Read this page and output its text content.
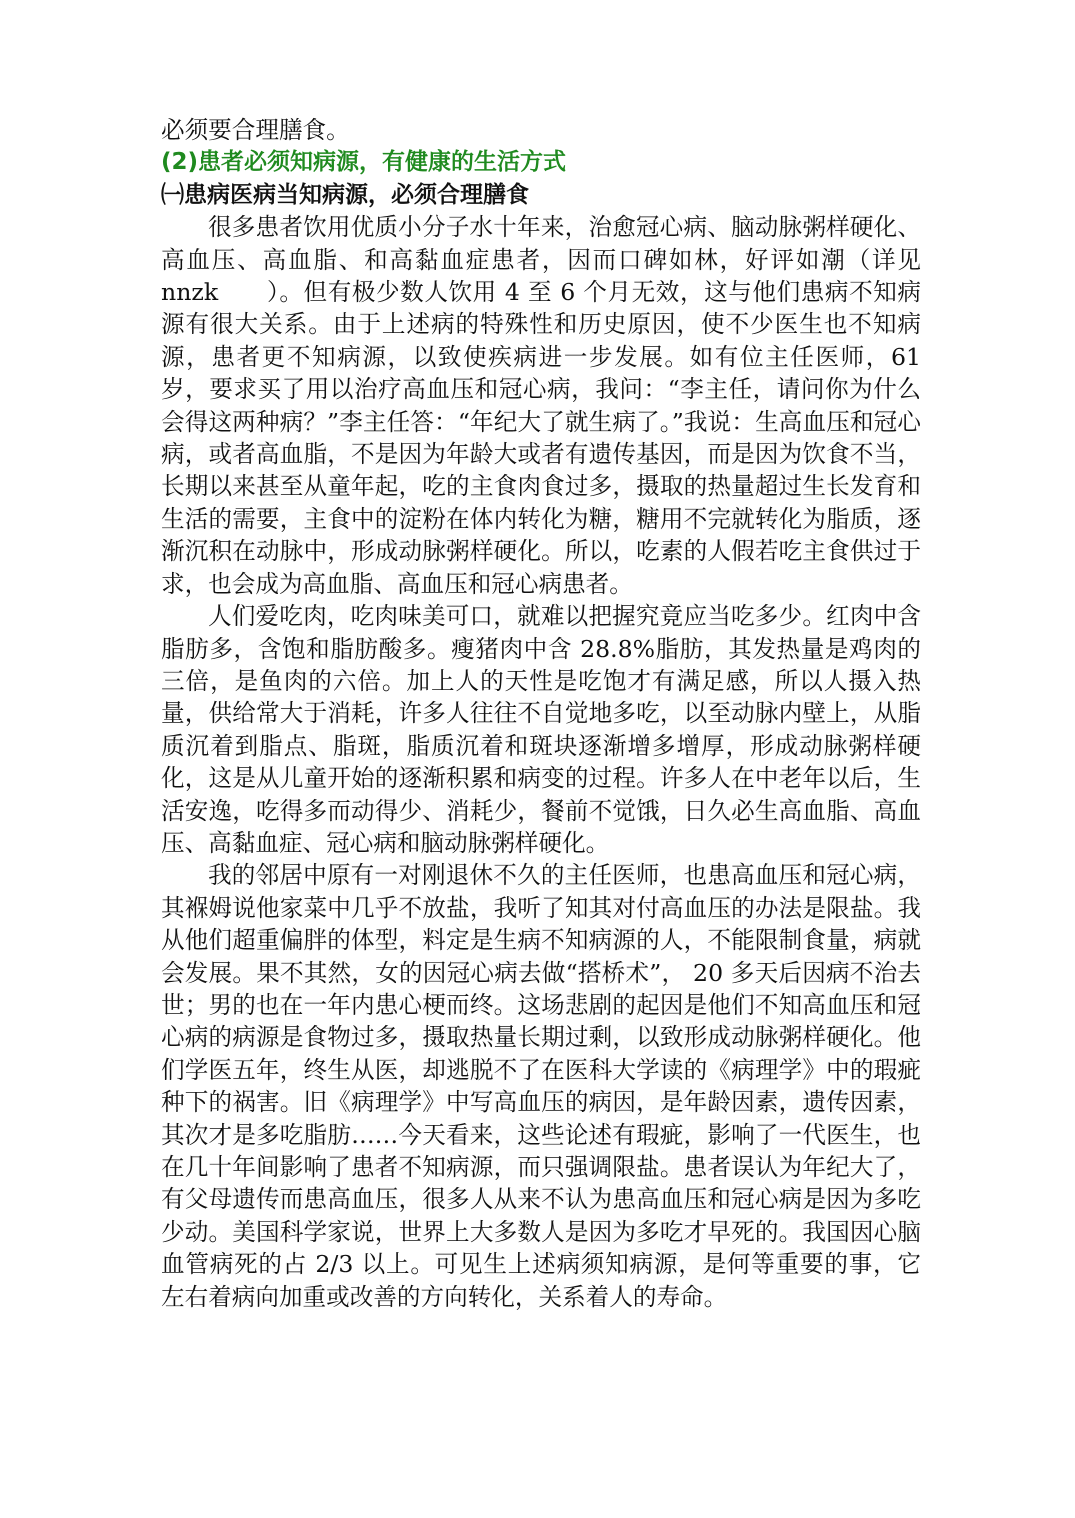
必须要合理膳食。

(2)患者必须知病源，有健康的生活方式

㈠患病医病当知病源，必须合理膳食

很多患者饮用优质小分子水十年来，治愈冠心病、脑动脉粥样硬化、高血压、高血脂、和高黏血症患者，因而口碑如林，好评如潮（详见　　nnzk　　）。但有极少数人饮用 4 至 6 个月无效，这与他们患病不知病源有很大关系。由于上述病的特殊性和历史原因，使不少医生也不知病源，患者更不知病源，以致使疾病进一步发展。如有位主任医师，61 岁，要求买了用以治疗高血压和冠心病，我问：“李主任，请问你为什么会得这两种病？”李主任答：“年纪大了就生病了。”我说：生高血压和冠心病，或者高血脂，不是因为年龄大或者有遗传基因，而是因为饮食不当，长期以来甚至从童年起，吃的主食肉食过多，摄取的热量超过生长发育和生活的需要，主食中的淀粉在体内转化为糖，糖用不完就转化为脂质，逐渐沉积在动脉中，形成动脉粥样硬化。所以，吃素的人假若吃主食供过于求，也会成为高血脂、高血压和冠心病患者。

人们爱吃肉，吃肉味美可口，就难以把握究竟应当吃多少。红肉中含脂肪多，含饱和脂肪酸多。瘦猪肉中含 28.8%脂肪，其发热量是鸡肉的三倍，是鱼肉的六倍。加上人的天性是吃饱才有满足感，所以人摄入热量，供给常大于消耗，许多人往往不自觉地多吃，以至动脉内壁上，从脂质沉着到脂点、脂斑，脂质沉着和斑块逐渐增多增厚，形成动脉粥样硬化，这是从儿童开始的逐渐积累和病变的过程。许多人在中老年以后，生活安逸，吃得多而动得少、消耗少，餐前不觉饿，日久必生高血脂、高血压、高黏血症、冠心病和脑动脉粥样硬化。

我的邻居中原有一对刚退休不久的主任医师，也患高血压和冠心病，其褓姆说他家菜中几乎不放盐，我听了知其对付高血压的办法是限盐。我从他们超重偏胖的体型，料定是生病不知病源的人，不能限制食量，病就会发展。果不其然，女的因冠心病去做“搭桥术”， 20 多天后因病不治去世；男的也在一年内患心梗而终。这场悲剧的起因是他们不知高血压和冠心病的病源是食物过多，摄取热量长期过剩，以致形成动脉粥样硬化。他们学医五年，终生从医，却逃脱不了在医科大学读的《病理学》中的瑕疵种下的祸害。旧《病理学》中写高血压的病因，是年龄因素，遗传因素，其次才是多吃脂肪……今天看来，这些论述有瑕疵，影响了一代医生，也在几十年间影响了患者不知病源，而只强调限盐。患者误认为年纪大了，有父母遗传而患高血压，很多人从来不认为患高血压和冠心病是因为多吃少动。美国科学家说，世界上大多数人是因为多吃才早死的。我国因心脑血管病死的占 2/3 以上。可见生上述病须知病源，是何等重要的事，它左右着病向加重或改善的方向转化，关系着人的寿命。
